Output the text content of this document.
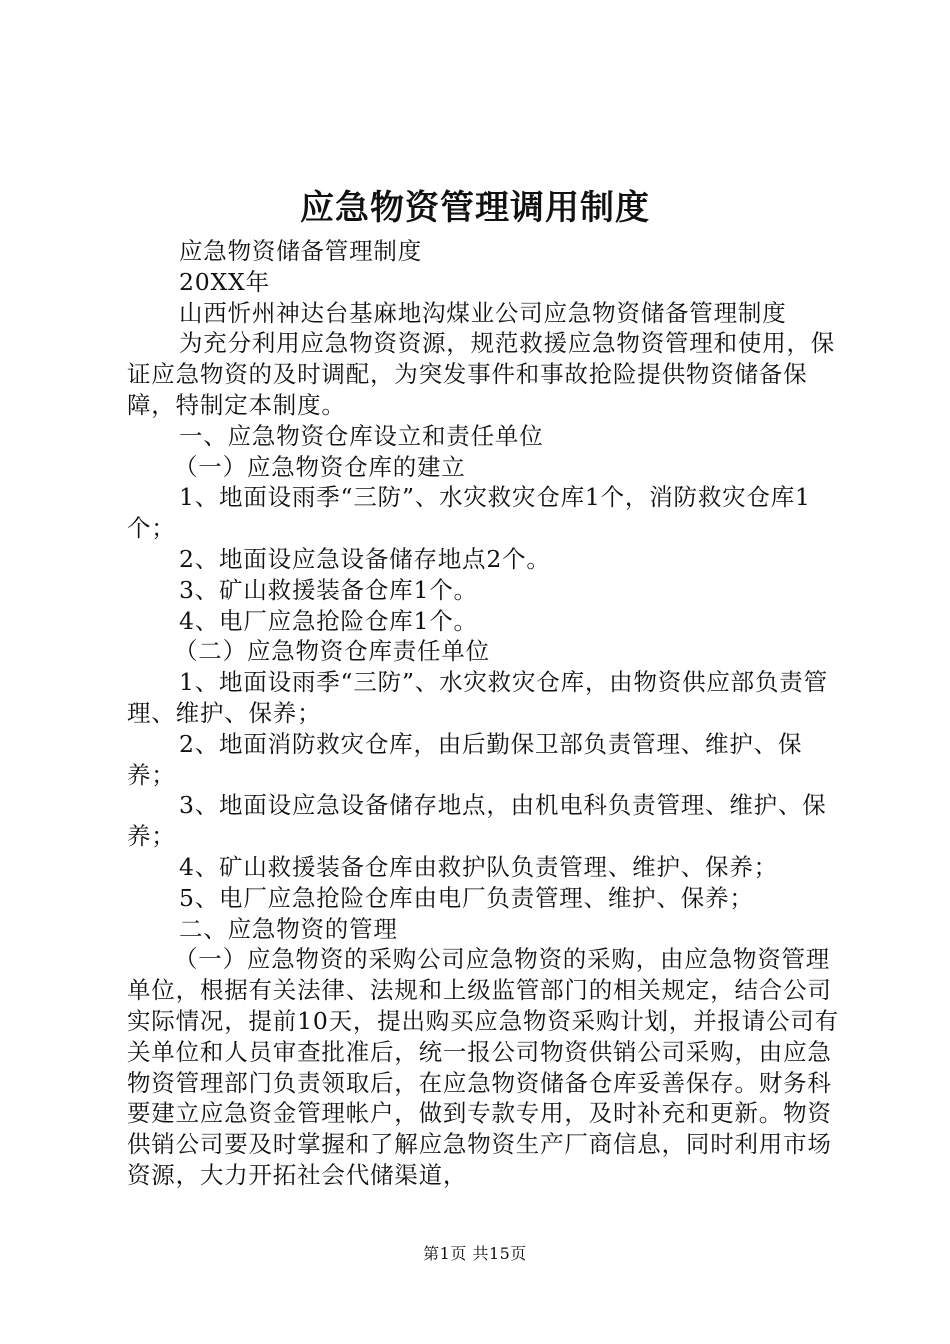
应急物资管理调用制度

应急物资储备管理制度

20XX年

山西忻州神达台基麻地沟煤业公司应急物资储备管理制度

为充分利用应急物资资源，规范救援应急物资管理和使用，保证应急物资的及时调配，为突发事件和事故抢险提供物资储备保障，特制定本制度。

一、应急物资仓库设立和责任单位

（一）应急物资仓库的建立

1、地面设雨季“三防”、水灾救灾仓库1个，消防救灾仓库1个；

2、地面设应急设备储存地点2个。

3、矿山救援装备仓库1个。

4、电厂应急抢险仓库1个。

（二）应急物资仓库责任单位

1、地面设雨季“三防”、水灾救灾仓库，由物资供应部负责管理、维护、保养；

2、地面消防救灾仓库，由后勤保卫部负责管理、维护、保养；

3、地面设应急设备储存地点，由机电科负责管理、维护、保养；

4、矿山救援装备仓库由救护队负责管理、维护、保养；

5、电厂应急抢险仓库由电厂负责管理、维护、保养；

二、应急物资的管理

（一）应急物资的采购公司应急物资的采购，由应急物资管理单位，根据有关法律、法规和上级监管部门的相关规定，结合公司实际情况，提前10天，提出购买应急物资采购计划，并报请公司有关单位和人员审查批准后，统一报公司物资供销公司采购，由应急物资管理部门负责领取后，在应急物资储备仓库妥善保存。财务科要建立应急资金管理帐户，做到专款专用，及时补充和更新。物资供销公司要及时掌握和了解应急物资生产厂商信息，同时利用市场资源，大力开拓社会代储渠道，

第1页 共15页
